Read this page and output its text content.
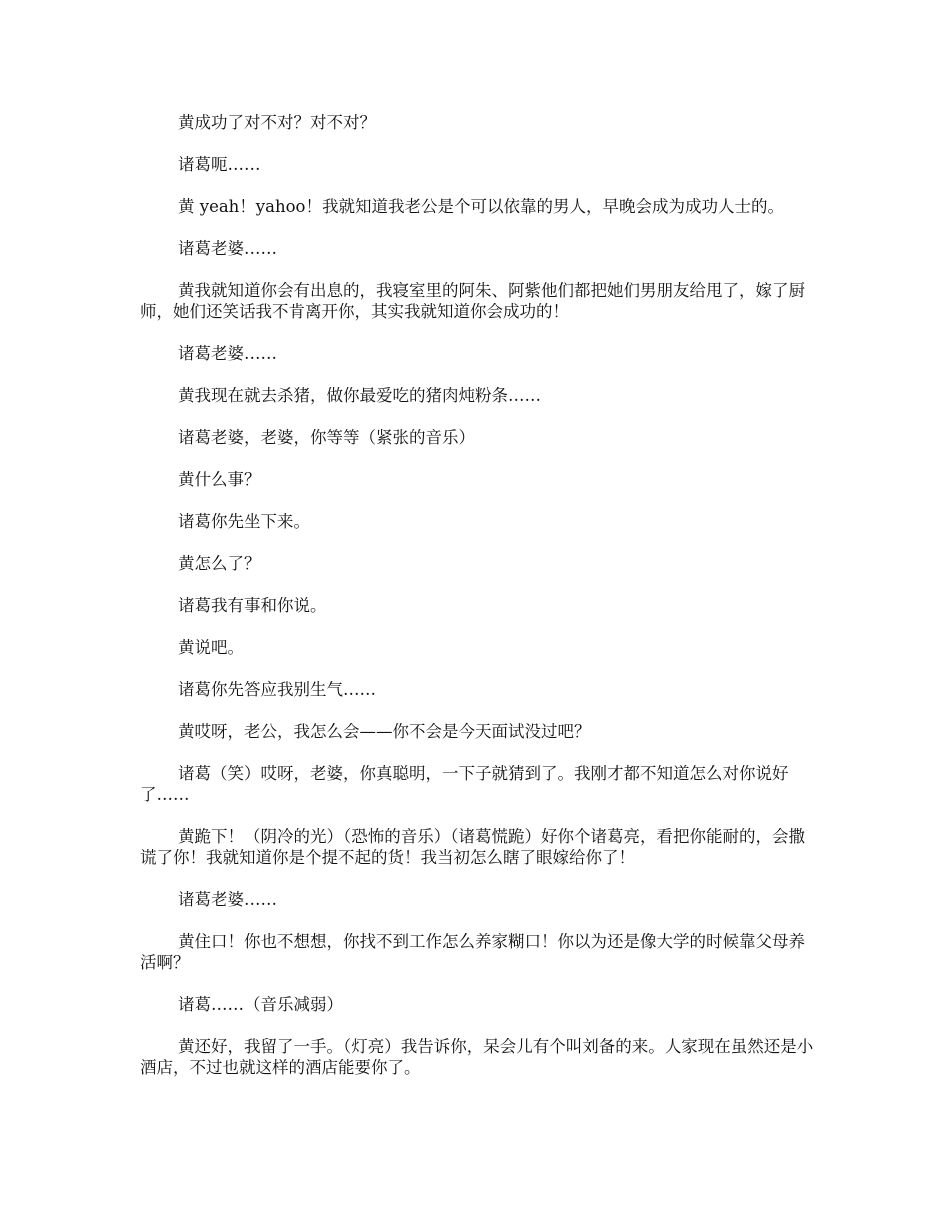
黄成功了对不对？对不对？

诸葛呃……

黄 yeah！yahoo！我就知道我老公是个可以依靠的男人，早晚会成为成功人士的。

诸葛老婆……

黄我就知道你会有出息的，我寝室里的阿朱、阿紫他们都把她们男朋友给甩了，嫁了厨师，她们还笑话我不肯离开你，其实我就知道你会成功的！

诸葛老婆……

黄我现在就去杀猪，做你最爱吃的猪肉炖粉条……

诸葛老婆，老婆，你等等（紧张的音乐）

黄什么事？

诸葛你先坐下来。

黄怎么了？

诸葛我有事和你说。

黄说吧。

诸葛你先答应我别生气……

黄哎呀，老公，我怎么会——你不会是今天面试没过吧？

诸葛（笑）哎呀，老婆，你真聪明，一下子就猜到了。我刚才都不知道怎么对你说好了……

黄跪下！（阴冷的光）（恐怖的音乐）（诸葛慌跪）好你个诸葛亮，看把你能耐的，会撒谎了你！我就知道你是个提不起的货！我当初怎么瞎了眼嫁给你了！

诸葛老婆……

黄住口！你也不想想，你找不到工作怎么养家糊口！你以为还是像大学的时候靠父母养活啊？

诸葛……（音乐减弱）

黄还好，我留了一手。（灯亮）我告诉你，呆会儿有个叫刘备的来。人家现在虽然还是小酒店，不过也就这样的酒店能要你了。
